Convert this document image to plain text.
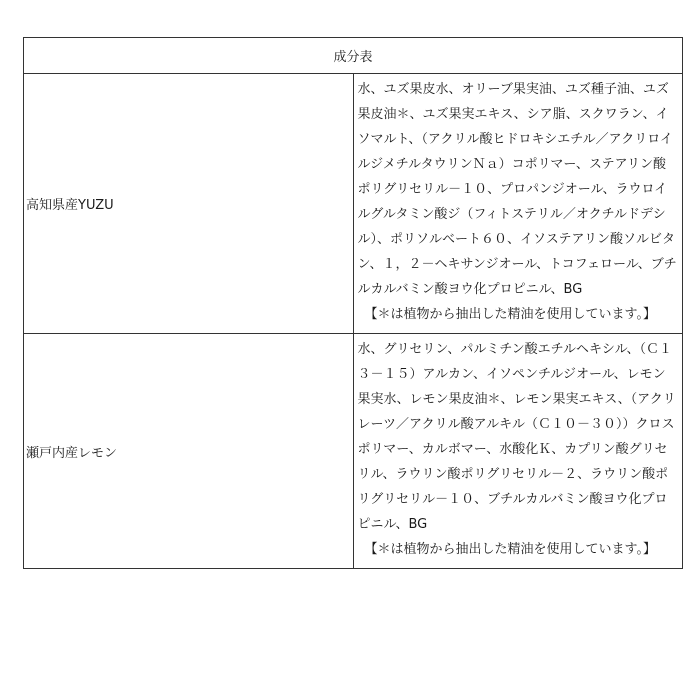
成分表	
高知県産YUZU	水、ユズ果皮水、オリーブ果実油、ユズ種子油、ユズ果皮油＊、ユズ果実エキス、シア脂、スクワラン、イソマルト、（アクリル酸ヒドロキシエチル／アクリロイルジメチルタウリンＮａ）コポリマー、ステアリン酸ポリグリセリル－１０、プロパンジオール、ラウロイルグルタミン酸ジ（フィトステリル／オクチルドデシル）、ポリソルベート６０、イソステアリン酸ソルビタン、１，２－ヘキサンジオール、トコフェロール、ブチルカルバミン酸ヨウ化プロピニル、BG
【＊は植物から抽出した精油を使用しています。】

瀬戸内産レモン	水、グリセリン、パルミチン酸エチルヘキシル、（Ｃ１３－１５）アルカン、イソペンチルジオール、レモン果実水、レモン果皮油＊、レモン果実エキス、（アクリレーツ／アクリル酸アルキル（Ｃ１０－３０））クロスポリマー、カルボマー、水酸化Ｋ、カプリン酸グリセリル、ラウリン酸ポリグリセリル－２、ラウリン酸ポリグリセリル－１０、ブチルカルバミン酸ヨウ化プロピニル、BG
【＊は植物から抽出した精油を使用しています。】
